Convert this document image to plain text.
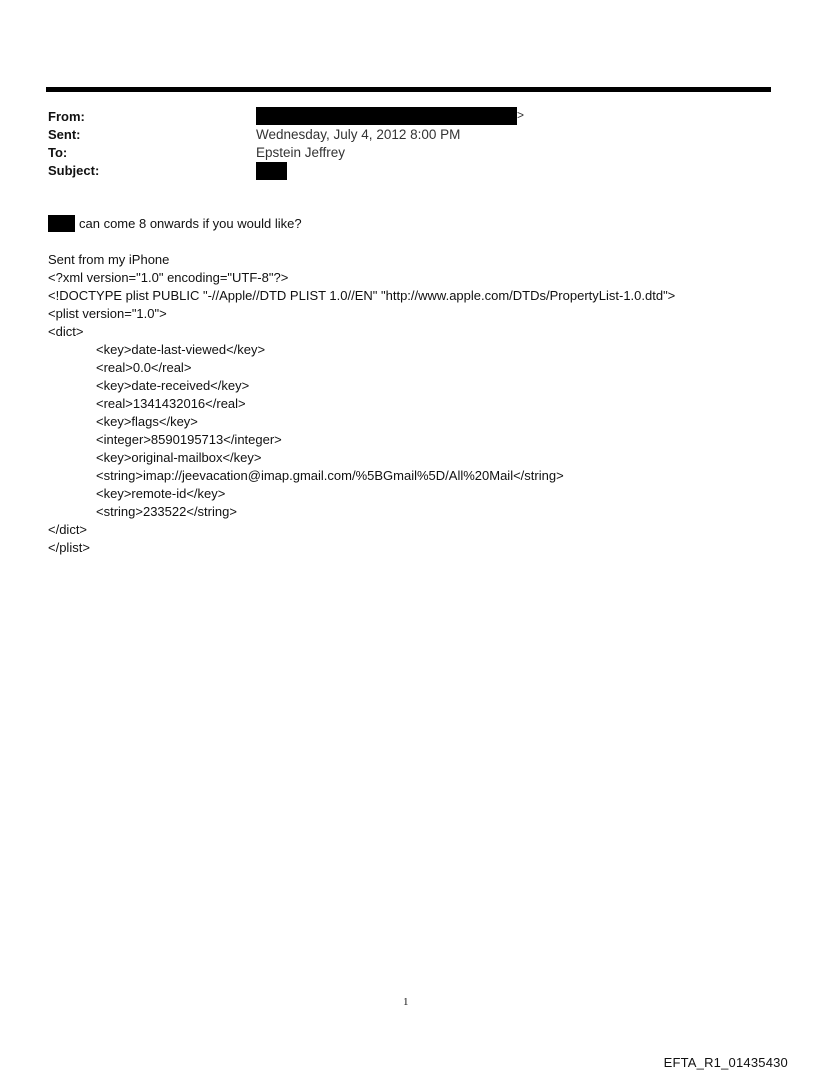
From:	>
Sent:	Wednesday, July 4, 2012 8:00 PM
To:	Epstein Jeffrey
Subject:
can come 8 onwards if you would like?
Sent from my iPhone
<?xml version="1.0" encoding="UTF-8"?>
<!DOCTYPE plist PUBLIC "-//Apple//DTD PLIST 1.0//EN" "http://www.apple.com/DTDs/PropertyList-1.0.dtd">
<plist version="1.0">
<dict>
<key>date-last-viewed</key>
<real>0.0</real>
<key>date-received</key>
<real>1341432016</real>
<key>flags</key>
<integer>8590195713</integer>
<key>original-mailbox</key>
<string>imap://jeevacation@imap.gmail.com/%5BGmail%5D/All%20Mail</string>
<key>remote-id</key>
<string>233522</string>
</dict>
</plist>
1
EFTA_R1_01435430
